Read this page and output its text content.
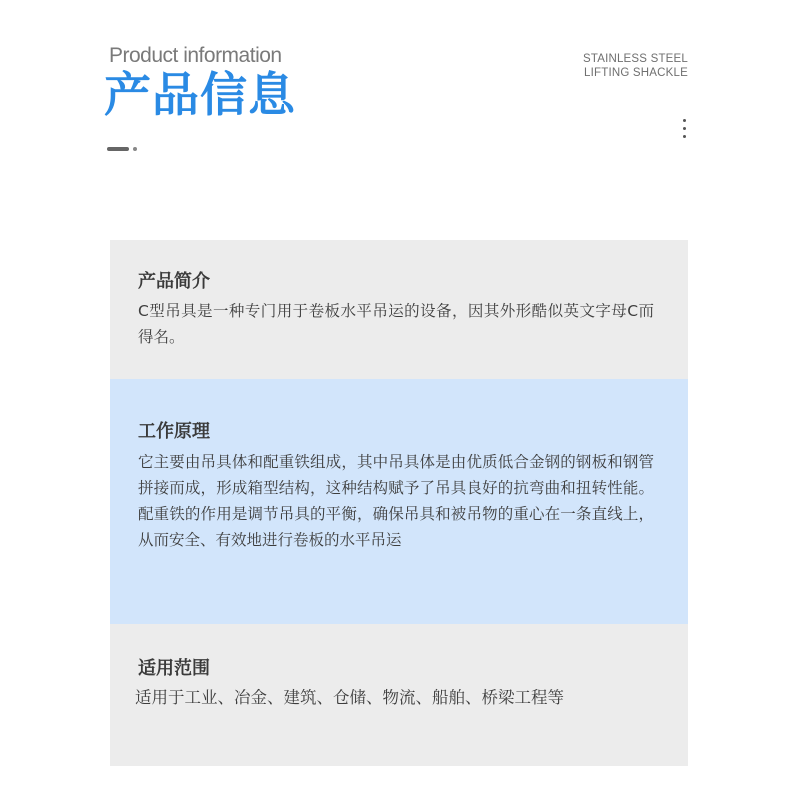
Product information
产品信息
STAINLESS STEEL
LIFTING SHACKLE
产品简介

C型吊具是一种专门用于卷板水平吊运的设备，因其外形酷似英文字母C而得名。

工作原理

它主要由吊具体和配重铁组成，其中吊具体是由优质低合金钢的钢板和钢管拼接而成，形成箱型结构，这种结构赋予了吊具良好的抗弯曲和扭转性能。配重铁的作用是调节吊具的平衡，确保吊具和被吊物的重心在一条直线上，从而安全、有效地进行卷板的水平吊运

适用范围

适用于工业、冶金、建筑、仓储、物流、船舶、桥梁工程等
